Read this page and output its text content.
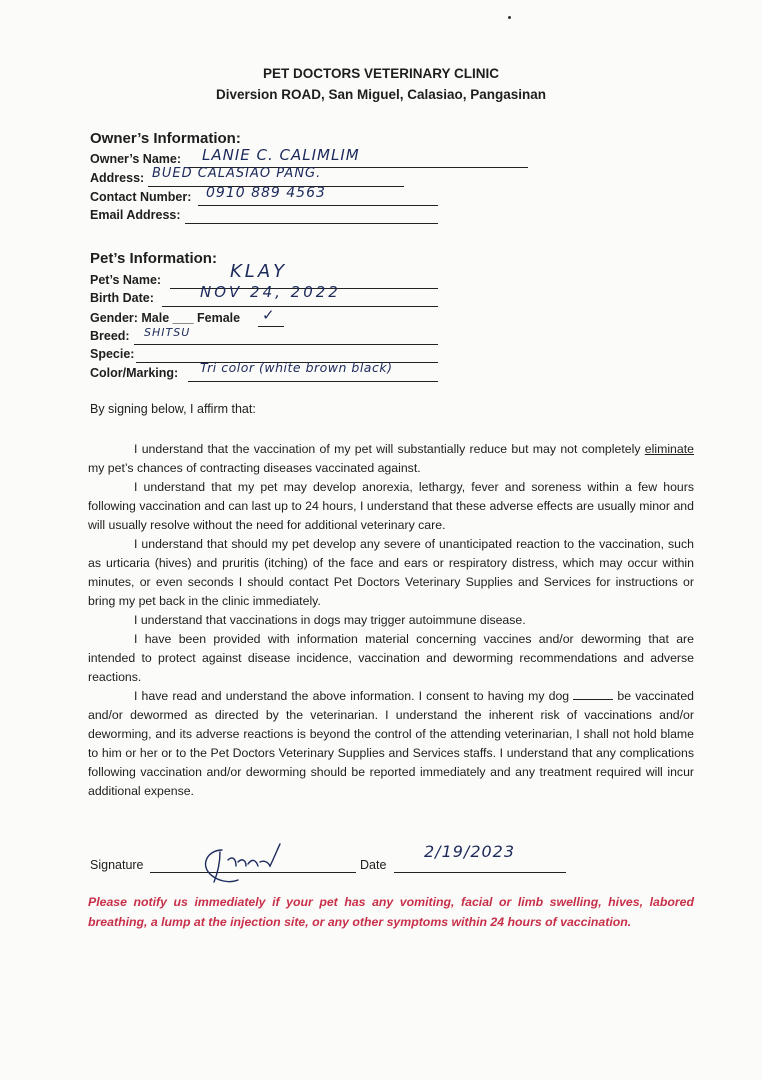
PET DOCTORS VETERINARY CLINIC
Diversion ROAD, San Miguel, Calasiao, Pangasinan
Owner’s Information:
Owner’s Name: LANIE C. CALIMLIM
Address: BUED CALASIAO PANG.
Contact Number: 0910 889 4563
Email Address:
Pet’s Information:
Pet’s Name:	KLAY
Birth Date:	NOV 24, 2022
Gender: Male ___ Female ✓
Breed: SHITSU
Specie:
Color/Marking: Tri color (white brown black)
By signing below, I affirm that:

I understand that the vaccination of my pet will substantially reduce but may not completely eliminate my pet’s chances of contracting diseases vaccinated against.

I understand that my pet may develop anorexia, lethargy, fever and soreness within a few hours following vaccination and can last up to 24 hours, I understand that these adverse effects are usually minor and will usually resolve without the need for additional veterinary care.

I understand that should my pet develop any severe of unanticipated reaction to the vaccination, such as urticaria (hives) and pruritis (itching) of the face and ears or respiratory distress, which may occur within minutes, or even seconds I should contact Pet Doctors Veterinary Supplies and Services for instructions or bring my pet back in the clinic immediately.

I understand that vaccinations in dogs may trigger autoimmune disease.

I have been provided with information material concerning vaccines and/or deworming that are intended to protect against disease incidence, vaccination and deworming recommendations and adverse reactions.

I have read and understand the above information. I consent to having my dog	be vaccinated and/or dewormed as directed by the veterinarian. I understand the inherent risk of vaccinations and/or deworming, and its adverse reactions is beyond the control of the attending veterinarian, I shall not hold blame to him or her or to the Pet Doctors Veterinary Supplies and Services staffs. I understand that any complications following vaccination and/or deworming should be reported immediately and any treatment required will incur additional expense.

Signature	Date
2/19/2023
Please notify us immediately if your pet has any vomiting, facial or limb swelling, hives, labored breathing, a lump at the injection site, or any other symptoms within 24 hours of vaccination.
